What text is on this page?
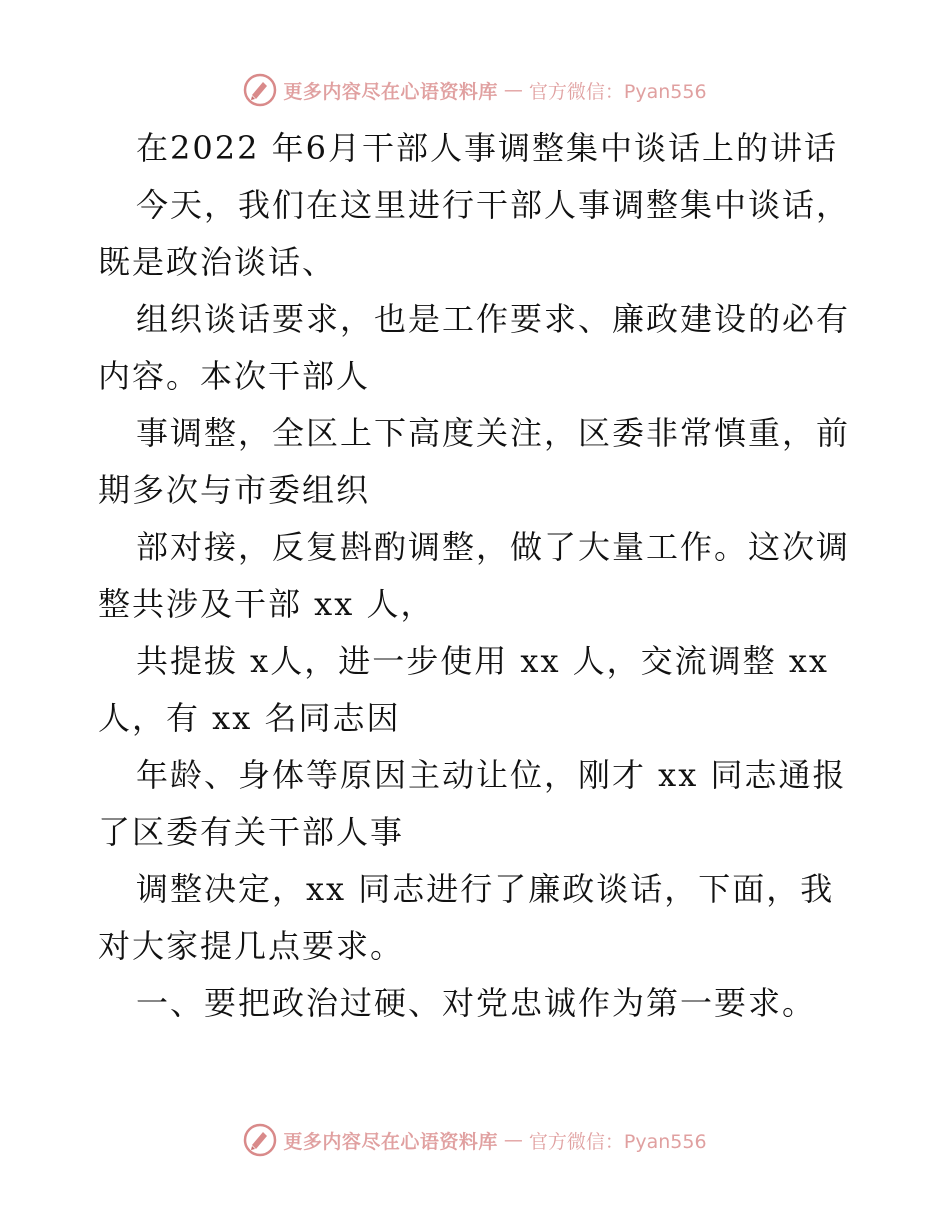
更多内容尽在心语资料库 — 官方微信：Pyan556
在2022 年6月干部人事调整集中谈话上的讲话
今天，我们在这里进行干部人事调整集中谈话，
既是政治谈话、
组织谈话要求，也是工作要求、廉政建设的必有
内容。本次干部人
事调整，全区上下高度关注，区委非常慎重，前
期多次与市委组织
部对接，反复斟酌调整，做了大量工作。这次调
整共涉及干部 xx 人，
共提拔 x人，进一步使用 xx 人，交流调整 xx
人，有 xx 名同志因
年龄、身体等原因主动让位，刚才 xx 同志通报
了区委有关干部人事
调整决定，xx 同志进行了廉政谈话，下面，我
对大家提几点要求。
一、要把政治过硬、对党忠诚作为第一要求。
更多内容尽在心语资料库 — 官方微信：Pyan556
